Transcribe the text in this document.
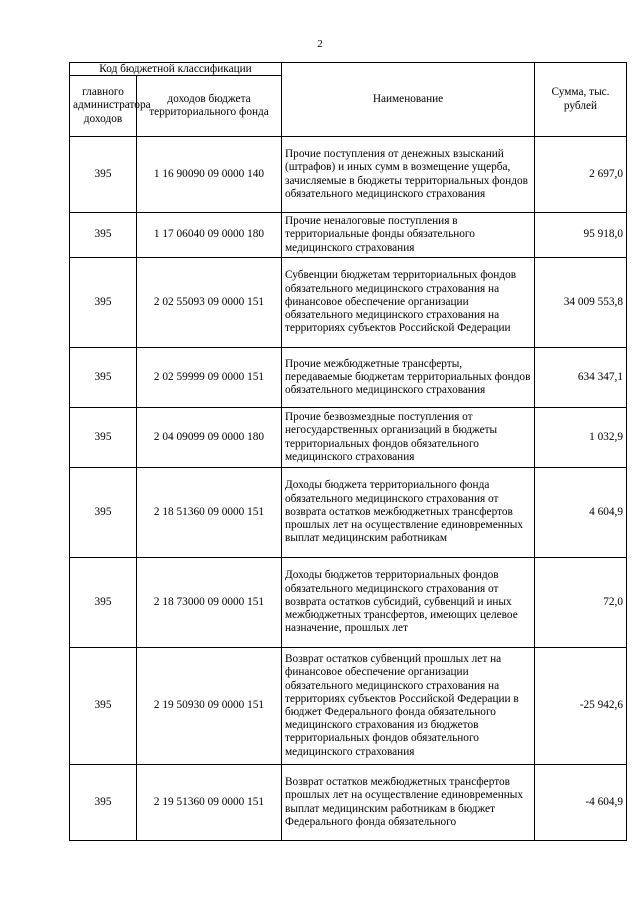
2
Код бюджетной классификации		Наименование	Сумма, тыс. рублей
главного администратора доходов	доходов бюджета территориального фонда		
395	1 16 90090 09 0000 140	Прочие поступления от денежных взысканий (штрафов) и иных сумм в возмещение ущерба, зачисляемые в бюджеты территориальных фондов обязательного медицинского страхования	2 697,0
395	1 17 06040 09 0000 180	Прочие неналоговые поступления в территориальные фонды обязательного медицинского страхования	95 918,0
395	2 02 55093 09 0000 151	Субвенции бюджетам территориальных фондов обязательного медицинского страхования на финансовое обеспечение организации обязательного медицинского страхования на территориях субъектов Российской Федерации	34 009 553,8
395	2 02 59999 09 0000 151	Прочие межбюджетные трансферты, передаваемые бюджетам территориальных фондов обязательного медицинского страхования	634 347,1
395	2 04 09099 09 0000 180	Прочие безвозмездные поступления от негосударственных организаций в бюджеты территориальных фондов обязательного медицинского страхования	1 032,9
395	2 18 51360 09 0000 151	Доходы бюджета территориального фонда обязательного медицинского страхования от возврата остатков межбюджетных трансфертов прошлых лет на осуществление единовременных выплат медицинским работникам	4 604,9
395	2 18 73000 09 0000 151	Доходы бюджетов территориальных фондов обязательного медицинского страхования от возврата остатков субсидий, субвенций и иных межбюджетных трансфертов, имеющих целевое назначение, прошлых лет	72,0
395	2 19 50930 09 0000 151	Возврат остатков субвенций прошлых лет на финансовое обеспечение организации обязательного медицинского страхования на территориях субъектов Российской Федерации в бюджет Федерального фонда обязательного медицинского страхования из бюджетов территориальных фондов обязательного медицинского страхования	-25 942,6
395	2 19 51360 09 0000 151	Возврат остатков межбюджетных трансфертов прошлых лет на осуществление единовременных выплат медицинским работникам в бюджет Федерального фонда обязательного	-4 604,9
